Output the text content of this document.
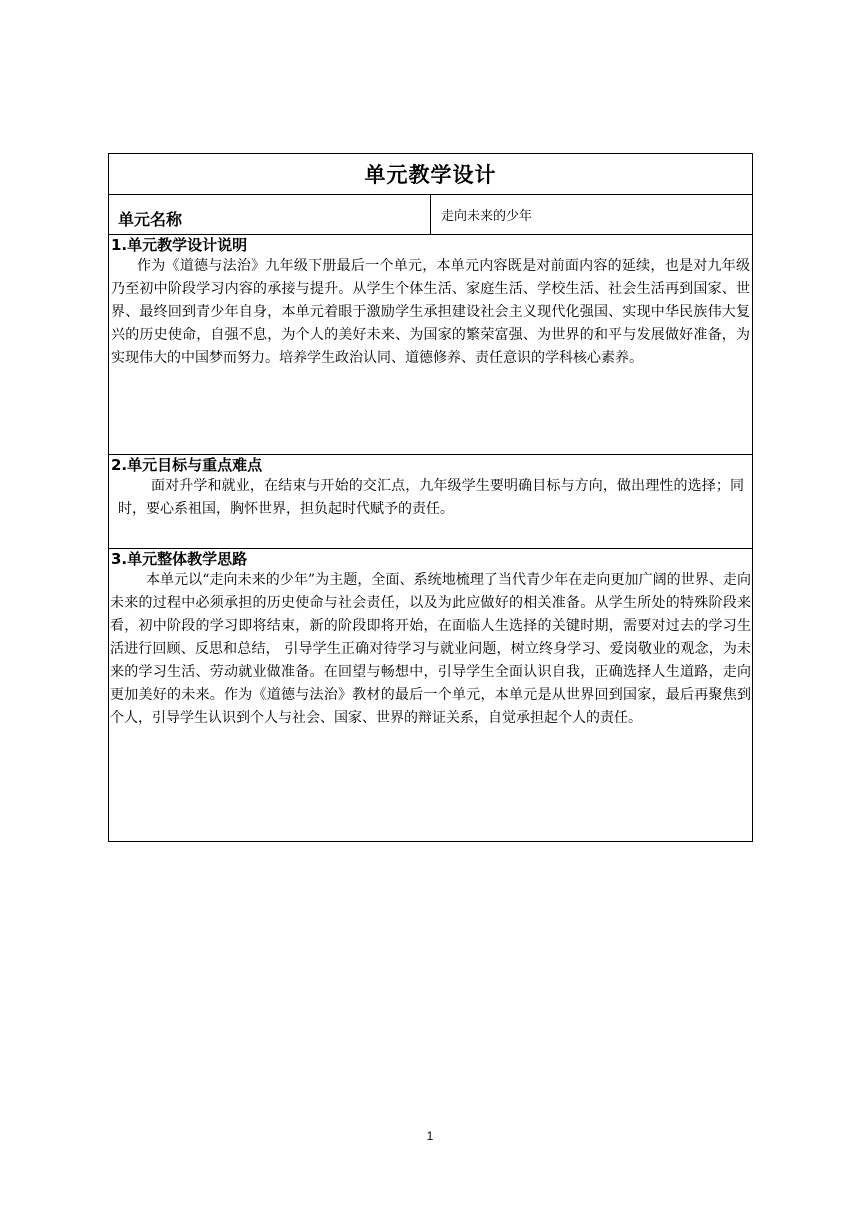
单元教学设计
单元名称	走向未来的少年

1.单元教学设计说明
作为《道德与法治》九年级下册最后一个单元，本单元内容既是对前面内容的延续，也是对九年级乃至初中阶段学习内容的承接与提升。从学生个体生活、家庭生活、学校生活、社会生活再到国家、世界、最终回到青少年自身，本单元着眼于激励学生承担建设社会主义现代化强国、实现中华民族伟大复兴的历史使命，自强不息，为个人的美好未来、为国家的繁荣富强、为世界的和平与发展做好准备，为实现伟大的中国梦而努力。培养学生政治认同、道德修养、责任意识的学科核心素养。

2.单元目标与重点难点
面对升学和就业，在结束与开始的交汇点，九年级学生要明确目标与方向，做出理性的选择；同时，要心系祖国，胸怀世界，担负起时代赋予的责任。

3.单元整体教学思路
本单元以“走向未来的少年”为主题，全面、系统地梳理了当代青少年在走向更加广阔的世界、走向未来的过程中必须承担的历史使命与社会责任，以及为此应做好的相关准备。从学生所处的特殊阶段来看，初中阶段的学习即将结束，新的阶段即将开始，在面临人生选择的关键时期，需要对过去的学习生活进行回顾、反思和总结， 引导学生正确对待学习与就业问题，树立终身学习、爱岗敬业的观念，为未来的学习生活、劳动就业做准备。在回望与畅想中，引导学生全面认识自我，正确选择人生道路，走向更加美好的未来。作为《道德与法治》教材的最后一个单元，本单元是从世界回到国家，最后再聚焦到个人，引导学生认识到个人与社会、国家、世界的辩证关系，自觉承担起个人的责任。
1
